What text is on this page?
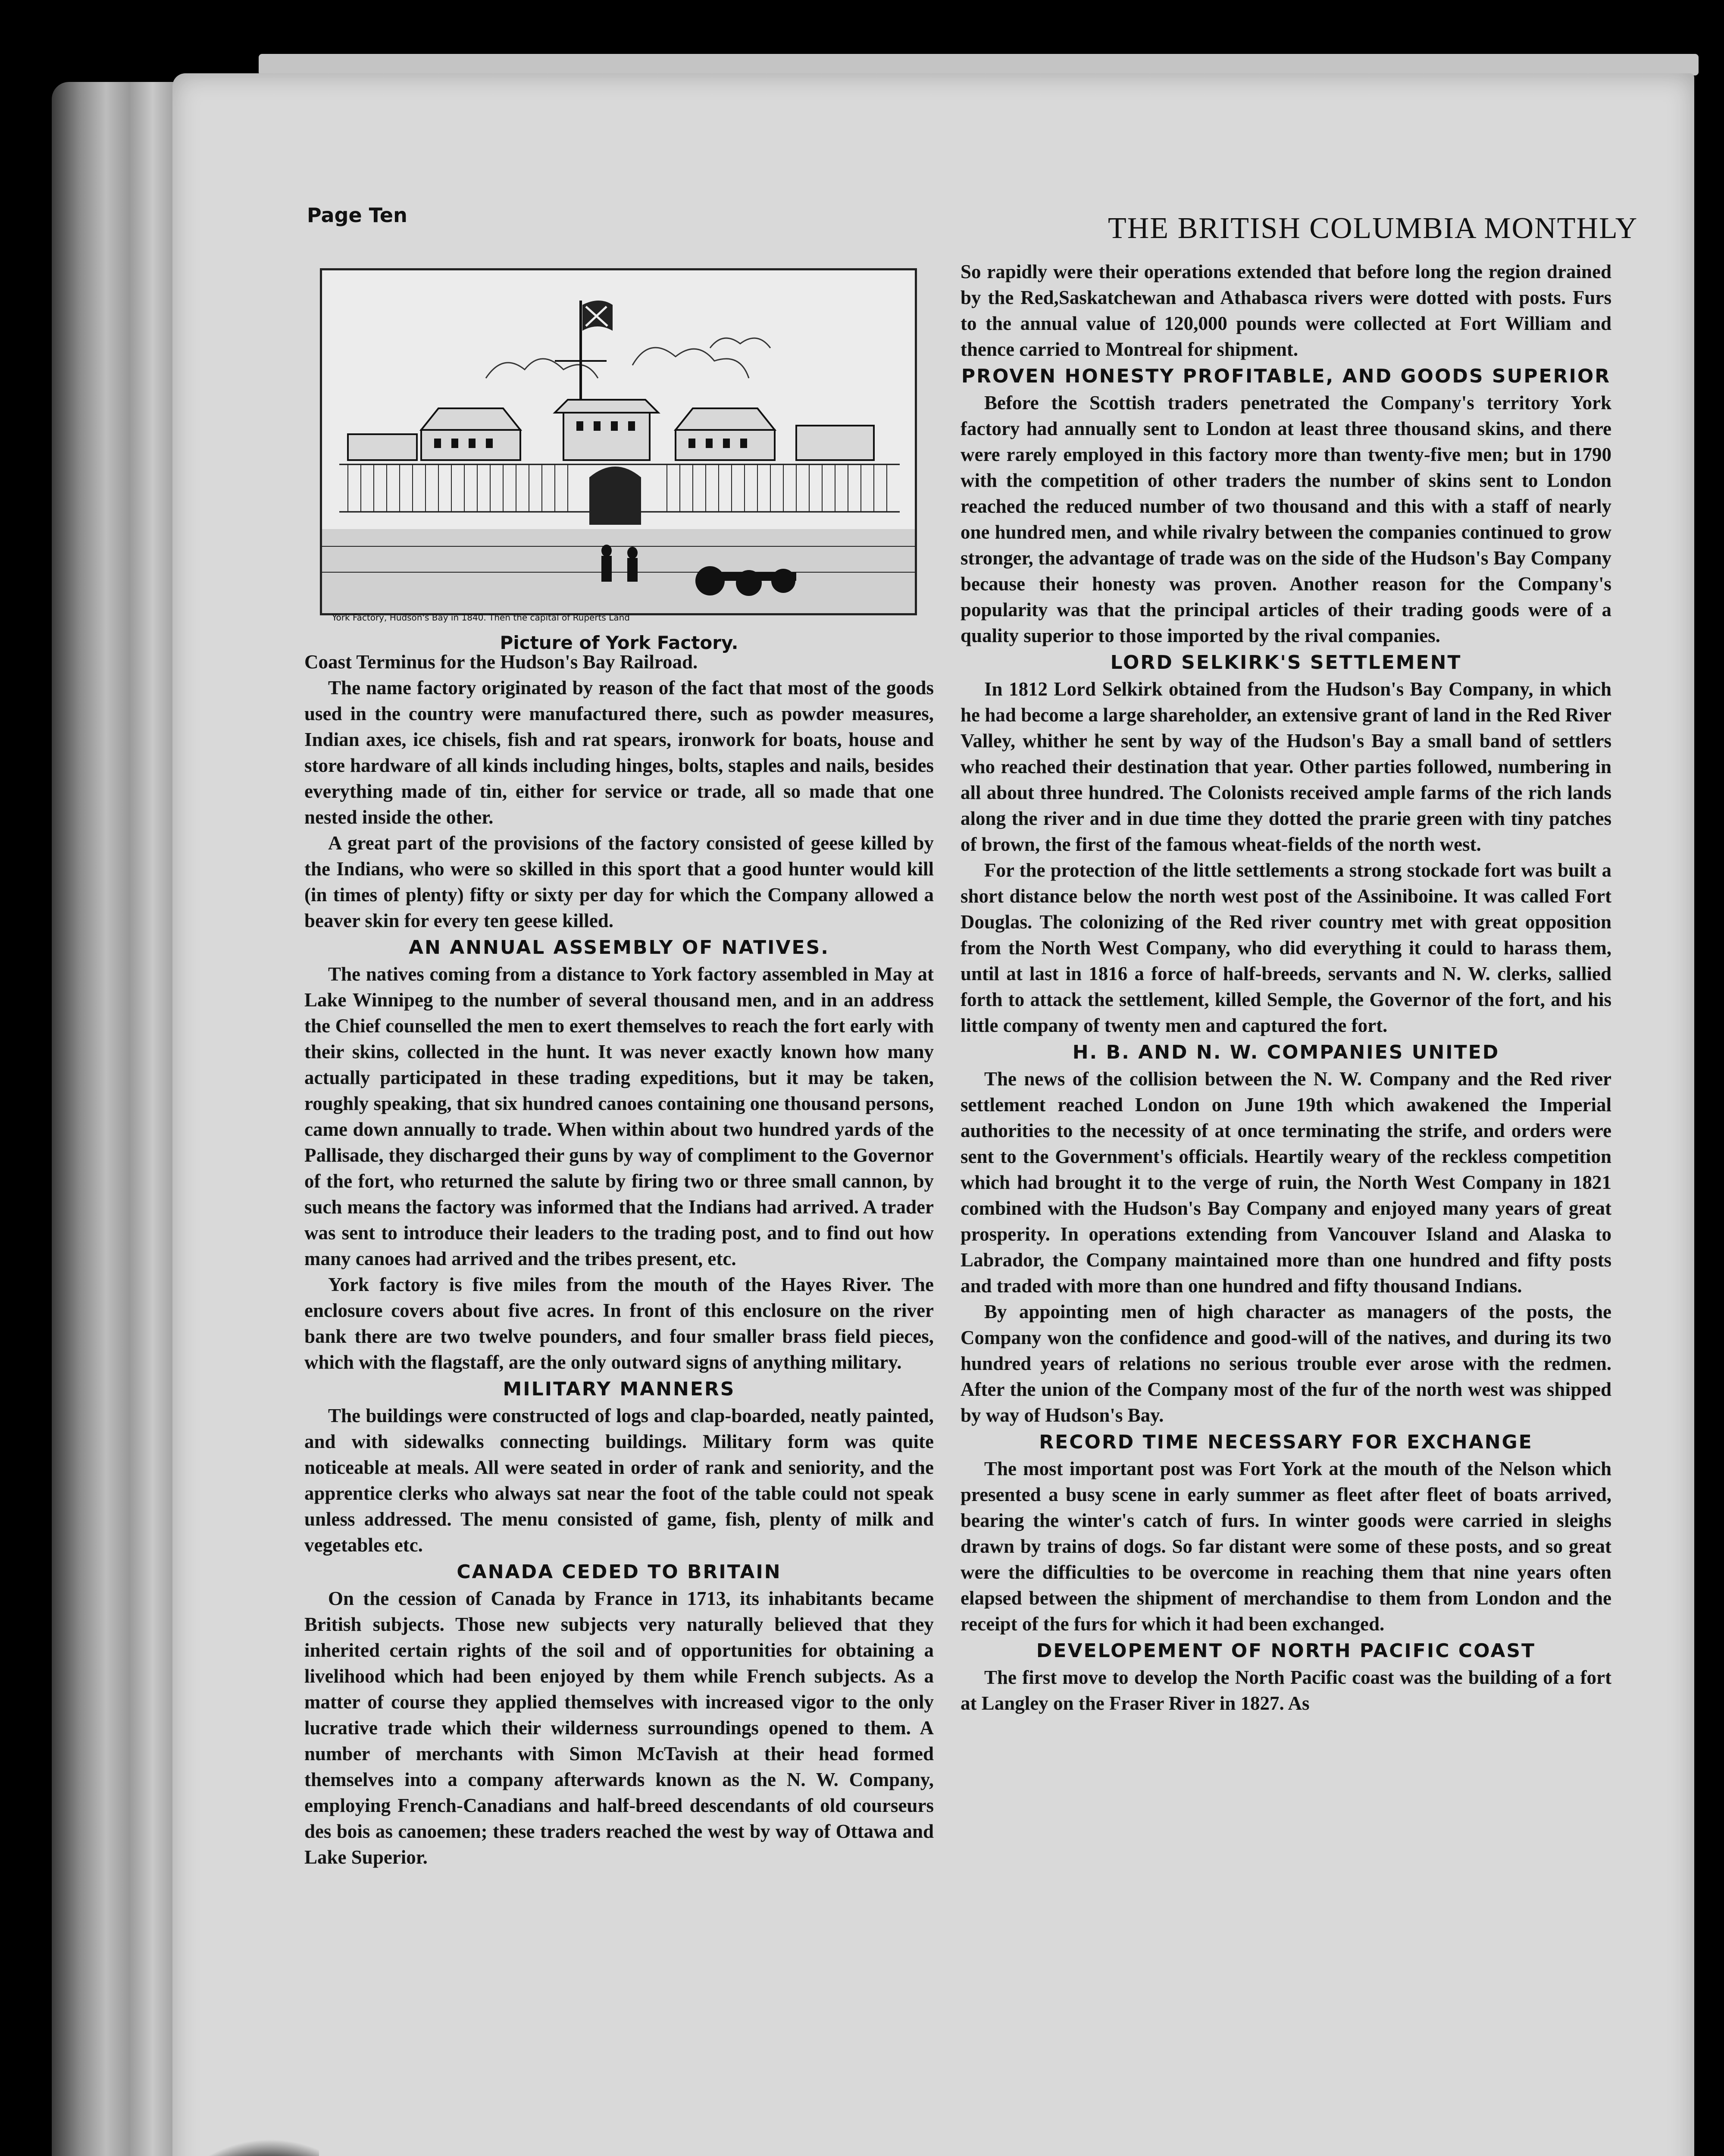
Page Ten	THE BRITISH COLUMBIA MONTHLY
York Factory, Hudson's Bay in 1840. Then the capital of Ruperts Land
Picture of York Factory.

Coast Terminus for the Hudson's Bay Railroad.

The name factory originated by reason of the fact that most of the goods used in the country were manufactured there, such as powder measures, Indian axes, ice chisels, fish and rat spears, ironwork for boats, house and store hardware of all kinds including hinges, bolts, staples and nails, besides everything made of tin, either for service or trade, all so made that one nested inside the other.

A great part of the provisions of the factory consisted of geese killed by the Indians, who were so skilled in this sport that a good hunter would kill (in times of plenty) fifty or sixty per day for which the Company allowed a beaver skin for every ten geese killed.

AN ANNUAL ASSEMBLY OF NATIVES.

The natives coming from a distance to York factory assembled in May at Lake Winnipeg to the number of several thousand men, and in an address the Chief counselled the men to exert themselves to reach the fort early with their skins, collected in the hunt. It was never exactly known how many actually participated in these trading expeditions, but it may be taken, roughly speaking, that six hundred canoes containing one thousand persons, came down annually to trade. When within about two hundred yards of the Pallisade, they discharged their guns by way of compliment to the Governor of the fort, who returned the salute by firing two or three small cannon, by such means the factory was informed that the Indians had arrived. A trader was sent to introduce their leaders to the trading post, and to find out how many canoes had arrived and the tribes present, etc.

York factory is five miles from the mouth of the Hayes River. The enclosure covers about five acres. In front of this enclosure on the river bank there are two twelve pounders, and four smaller brass field pieces, which with the flagstaff, are the only outward signs of anything military.

MILITARY MANNERS

The buildings were constructed of logs and clap-boarded, neatly painted, and with sidewalks connecting buildings. Military form was quite noticeable at meals. All were seated in order of rank and seniority, and the apprentice clerks who always sat near the foot of the table could not speak unless addressed. The menu consisted of game, fish, plenty of milk and vegetables etc.

CANADA CEDED TO BRITAIN

On the cession of Canada by France in 1713, its inhabitants became British subjects. Those new subjects very naturally believed that they inherited certain rights of the soil and of opportunities for obtaining a livelihood which had been enjoyed by them while French subjects. As a matter of course they applied themselves with increased vigor to the only lucrative trade which their wilderness surroundings opened to them. A number of merchants with Simon McTavish at their head formed themselves into a company afterwards known as the N. W. Company, employing French-Canadians and half-breed descendants of old courseurs des bois as canoemen; these traders reached the west by way of Ottawa and Lake Superior.

So rapidly were their operations extended that before long the region drained by the Red,Saskatchewan and Athabasca rivers were dotted with posts. Furs to the annual value of 120,000 pounds were collected at Fort William and thence carried to Montreal for shipment.

PROVEN HONESTY PROFITABLE, AND GOODS SUPERIOR

Before the Scottish traders penetrated the Company's territory York factory had annually sent to London at least three thousand skins, and there were rarely employed in this factory more than twenty-five men; but in 1790 with the competition of other traders the number of skins sent to London reached the reduced number of two thousand and this with a staff of nearly one hundred men, and while rivalry between the companies continued to grow stronger, the advantage of trade was on the side of the Hudson's Bay Company because their honesty was proven. Another reason for the Company's popularity was that the principal articles of their trading goods were of a quality superior to those imported by the rival companies.

LORD SELKIRK'S SETTLEMENT

In 1812 Lord Selkirk obtained from the Hudson's Bay Company, in which he had become a large shareholder, an extensive grant of land in the Red River Valley, whither he sent by way of the Hudson's Bay a small band of settlers who reached their destination that year. Other parties followed, numbering in all about three hundred. The Colonists received ample farms of the rich lands along the river and in due time they dotted the prarie green with tiny patches of brown, the first of the famous wheat-fields of the north west.

For the protection of the little settlements a strong stockade fort was built a short distance below the north west post of the Assiniboine. It was called Fort Douglas. The colonizing of the Red river country met with great opposition from the North West Company, who did everything it could to harass them, until at last in 1816 a force of half-breeds, servants and N. W. clerks, sallied forth to attack the settlement, killed Semple, the Governor of the fort, and his little company of twenty men and captured the fort.

H. B. AND N. W. COMPANIES UNITED

The news of the collision between the N. W. Company and the Red river settlement reached London on June 19th which awakened the Imperial authorities to the necessity of at once terminating the strife, and orders were sent to the Government's officials. Heartily weary of the reckless competition which had brought it to the verge of ruin, the North West Company in 1821 combined with the Hudson's Bay Company and enjoyed many years of great prosperity. In operations extending from Vancouver Island and Alaska to Labrador, the Company maintained more than one hundred and fifty posts and traded with more than one hundred and fifty thousand Indians.

By appointing men of high character as managers of the posts, the Company won the confidence and good-will of the natives, and during its two hundred years of relations no serious trouble ever arose with the redmen. After the union of the Company most of the fur of the north west was shipped by way of Hudson's Bay.

RECORD TIME NECESSARY FOR EXCHANGE

The most important post was Fort York at the mouth of the Nelson which presented a busy scene in early summer as fleet after fleet of boats arrived, bearing the winter's catch of furs. In winter goods were carried in sleighs drawn by trains of dogs. So far distant were some of these posts, and so great were the difficulties to be overcome in reaching them that nine years often elapsed between the shipment of merchandise to them from London and the receipt of the furs for which it had been exchanged.

DEVELOPEMENT OF NORTH PACIFIC COAST

The first move to develop the North Pacific coast was the building of a fort at Langley on the Fraser River in 1827. As
